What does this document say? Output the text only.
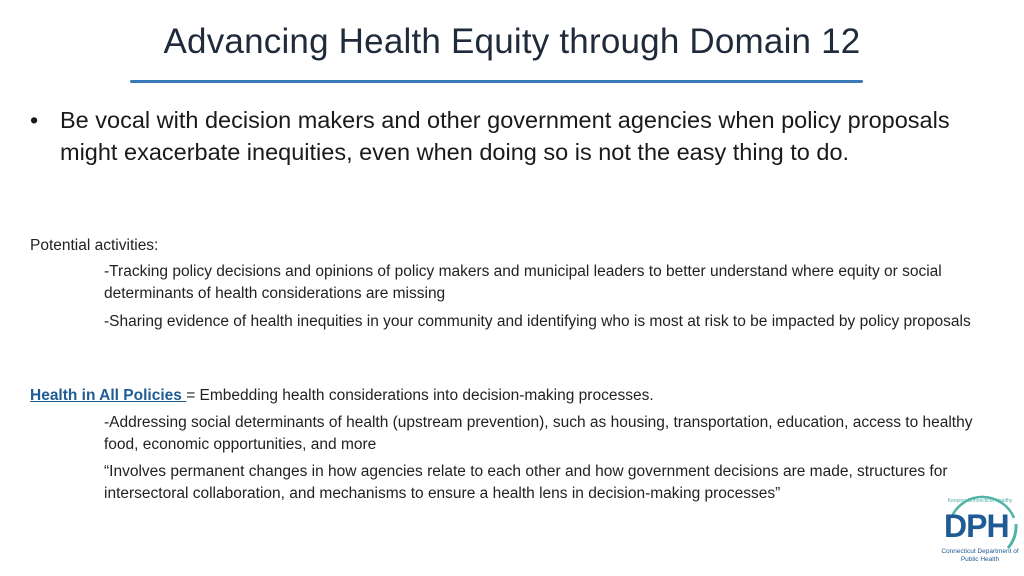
Advancing Health Equity through Domain 12
• Be vocal with decision makers and other government agencies when policy proposals might exacerbate inequities, even when doing so is not the easy thing to do.
Potential activities:
-Tracking policy decisions and opinions of policy makers and municipal leaders to better understand where equity or social determinants of health considerations are missing
-Sharing evidence of health inequities in your community and identifying who is most at risk to be impacted by policy proposals
Health in All Policies = Embedding health considerations into decision-making processes.
-Addressing social determinants of health (upstream prevention), such as housing, transportation, education, access to healthy food, economic opportunities, and more
“Involves permanent changes in how agencies relate to each other and how government decisions are made, structures for intersectoral collaboration, and mechanisms to ensure a health lens in decision-making processes”	Keeping Connecticut Healthy
DPH
Connecticut Department of Public Health
